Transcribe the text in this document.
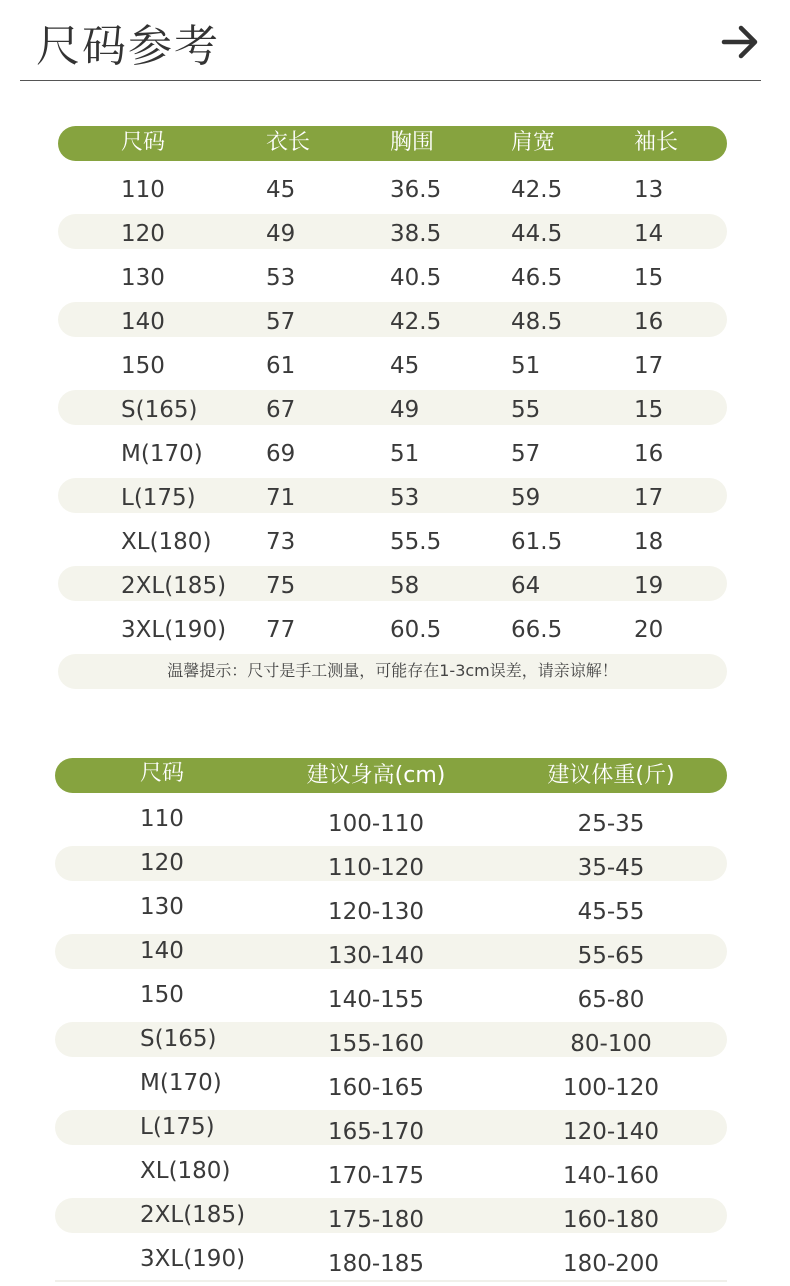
尺码参考
尺码	衣长	胸围	肩宽	袖长
110	45	36.5	42.5	13
120	49	38.5	44.5	14
130	53	40.5	46.5	15
140	57	42.5	48.5	16
150	61	45	51	17
S(165)	67	49	55	15
M(170)	69	51	57	16
L(175)	71	53	59	17
XL(180) 73	55.5	61.5	18
2XL(185) 75	58	64	19
3XL(190) 77	60.5	66.5	20
温馨提示：尺寸是手工测量，可能存在1-3cm误差，请亲谅解！
尺码	建议身高(cm)	建议体重(斤)
110	100-110	25-35
120	110-120	35-45
130	120-130	45-55
140	130-140	55-65
150	140-155	65-80
S(165)	155-160	80-100
M(170)	160-165	100-120
L(175)	165-170	120-140
XL(180)	170-175	140-160
2XL(185)	175-180	160-180
3XL(190)	180-185	180-200
